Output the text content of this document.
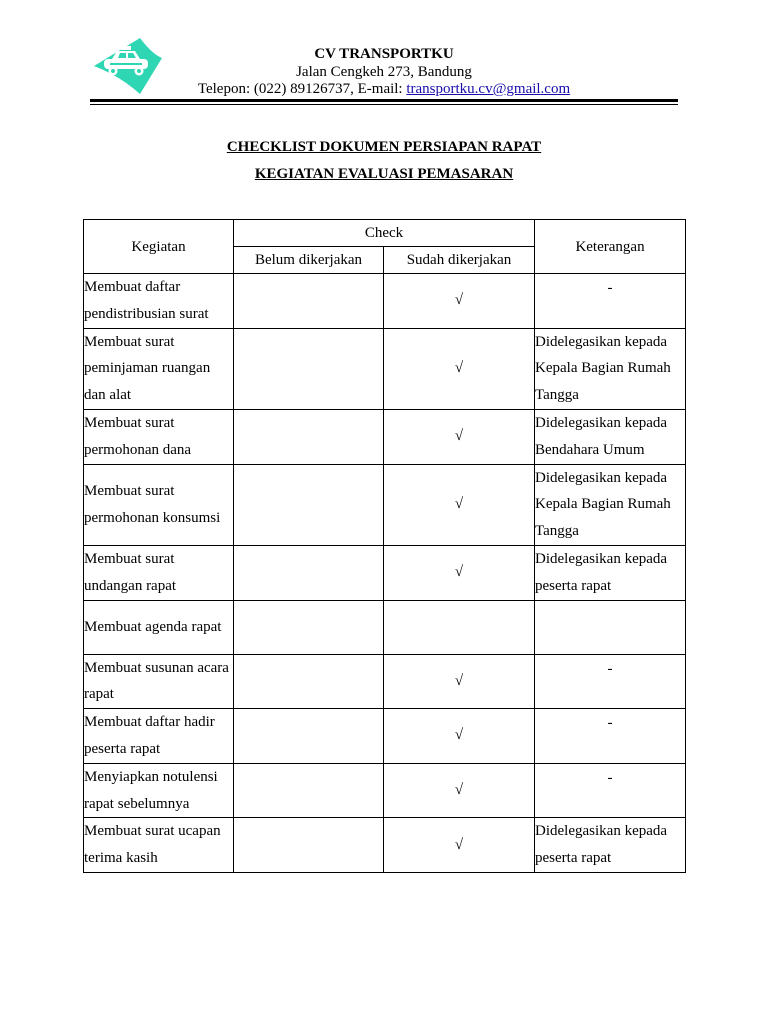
CV TRANSPORTKU
Jalan Cengkeh 273, Bandung
Telepon: (022) 89126737, E-mail: transportku.cv@gmail.com
CHECKLIST DOKUMEN PERSIAPAN RAPAT
KEGIATAN EVALUASI PEMASARAN
Kegiatan	Check		Keterangan
	Belum dikerjakan	Sudah dikerjakan	
Membuat daftar pendistribusian surat		√	-
Membuat surat peminjaman ruangan dan alat		√	Didelegasikan kepada Kepala Bagian Rumah Tangga
Membuat surat permohonan dana		√	Didelegasikan kepada Bendahara Umum
Membuat surat permohonan konsumsi		√	Didelegasikan kepada Kepala Bagian Rumah Tangga
Membuat surat undangan rapat		√	Didelegasikan kepada peserta rapat
Membuat agenda rapat			
Membuat susunan acara rapat		√	-
Membuat daftar hadir peserta rapat		√	-
Menyiapkan notulensi rapat sebelumnya		√	-
Membuat surat ucapan terima kasih		√	Didelegasikan kepada peserta rapat
